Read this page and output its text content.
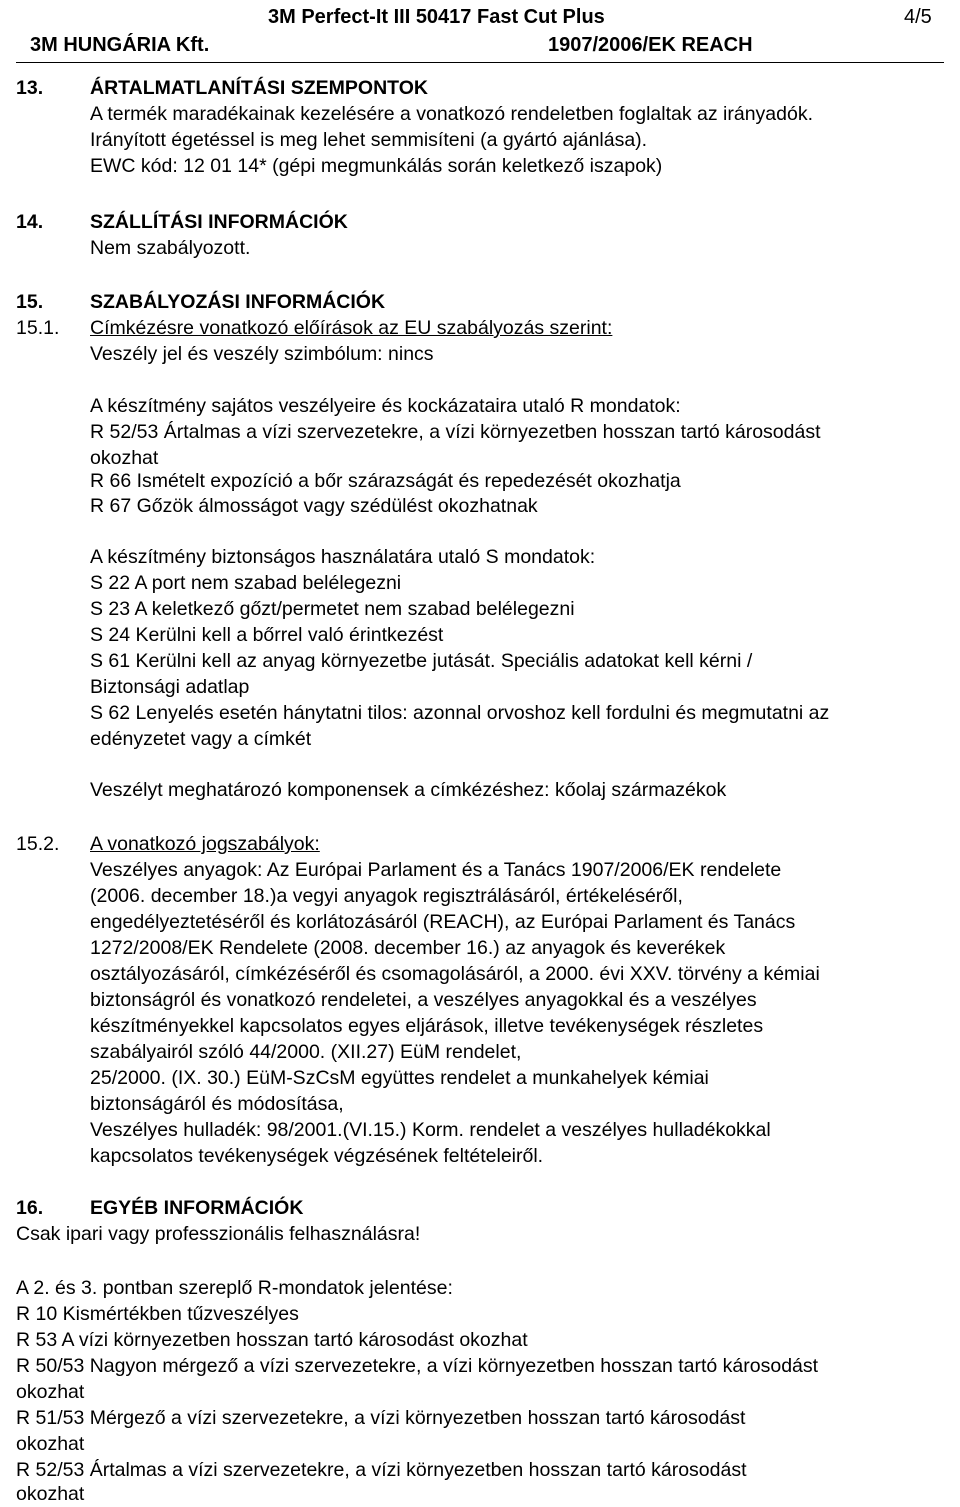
3M Perfect-It III 50417 Fast Cut Plus	4/5
3M HUNGÁRIA Kft.	1907/2006/EK REACH
13. ÁRTALMATLANÍTÁSI SZEMPONTOK
A termék maradékainak kezelésére a vonatkozó rendeletben foglaltak az irányadók.
Irányított égetéssel is meg lehet semmisíteni (a gyártó ajánlása).
EWC kód: 12 01 14* (gépi megmunkálás során keletkező iszapok)
14. SZÁLLÍTÁSI INFORMÁCIÓK
Nem szabályozott.
15. SZABÁLYOZÁSI INFORMÁCIÓK
15.1. Címkézésre vonatkozó előírások az EU szabályozás szerint:
Veszély jel és veszély szimbólum: nincs
A készítmény sajátos veszélyeire és kockázataira utaló R mondatok:
R 52/53 Ártalmas a vízi szervezetekre, a vízi környezetben hosszan tartó károsodást
okozhat
R 66 Ismételt expozíció a bőr szárazságát és repedezését okozhatja
R 67 Gőzök álmosságot vagy szédülést okozhatnak
A készítmény biztonságos használatára utaló S mondatok:
S 22 A port nem szabad belélegezni
S 23 A keletkező gőzt/permetet nem szabad belélegezni
S 24 Kerülni kell a bőrrel való érintkezést
S 61 Kerülni kell az anyag környezetbe jutását. Speciális adatokat kell kérni /
Biztonsági adatlap
S 62 Lenyelés esetén hánytatni tilos: azonnal orvoshoz kell fordulni és megmutatni az
edényzetet vagy a címkét
Veszélyt meghatározó komponensek a címkézéshez: kőolaj származékok
15.2. A vonatkozó jogszabályok:
Veszélyes anyagok: Az Európai Parlament és a Tanács 1907/2006/EK rendelete
(2006. december 18.)a vegyi anyagok regisztrálásáról, értékeléséről,
engedélyeztetéséről és korlátozásáról (REACH), az Európai Parlament és Tanács
1272/2008/EK Rendelete (2008. december 16.) az anyagok és keverékek
osztályozásáról, címkézéséről és csomagolásáról, a 2000. évi XXV. törvény a kémiai
biztonságról és vonatkozó rendeletei, a veszélyes anyagokkal és a veszélyes
készítményekkel kapcsolatos egyes eljárások, illetve tevékenységek részletes
szabályairól szóló 44/2000. (XII.27) EüM rendelet,
25/2000. (IX. 30.) EüM-SzCsM együttes rendelet a munkahelyek kémiai
biztonságáról és módosítása,
Veszélyes hulladék: 98/2001.(VI.15.) Korm. rendelet a veszélyes hulladékokkal
kapcsolatos tevékenységek végzésének feltételeiről.
16. EGYÉB INFORMÁCIÓK
Csak ipari vagy professzionális felhasználásra!
A 2. és 3. pontban szereplő R-mondatok jelentése:
R 10 Kismértékben tűzveszélyes
R 53 A vízi környezetben hosszan tartó károsodást okozhat
R 50/53 Nagyon mérgező a vízi szervezetekre, a vízi környezetben hosszan tartó károsodást
okozhat
R 51/53 Mérgező a vízi szervezetekre, a vízi környezetben hosszan tartó károsodást
okozhat
R 52/53 Ártalmas a vízi szervezetekre, a vízi környezetben hosszan tartó károsodást
okozhat
